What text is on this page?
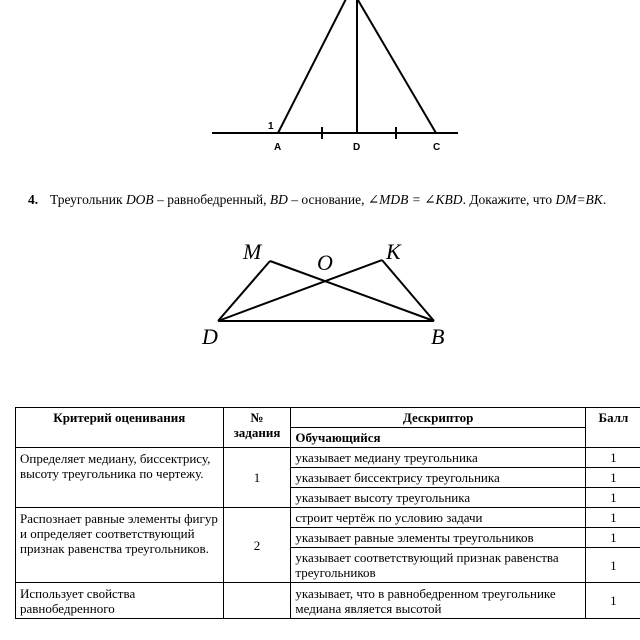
1
A	D	C
4. Треугольник DOB – равнобедренный, BD – основание, ∠MDB = ∠KBD. Докажите, что DM=BK.
M	O K
D	B
Критерий оценивания	№ задания	Дескриптор	Балл
		Обучающийся	
Определяет медиану, биссектрису, высоту треугольника по чертежу.	1	указывает медиану треугольника	1
		указывает биссектрису треугольника	1
		указывает высоту треугольника	1
Распознает равные элементы фигур и определяет соответствующий признак равенства треугольников.	2	строит чертёж по условию задачи	1
		указывает равные элементы треугольников	1
		указывает соответствующий признак равенства треугольников	1
Использует свойства равнобедренного		указывает, что в равнобедренном треугольнике медиана является высотой	1
